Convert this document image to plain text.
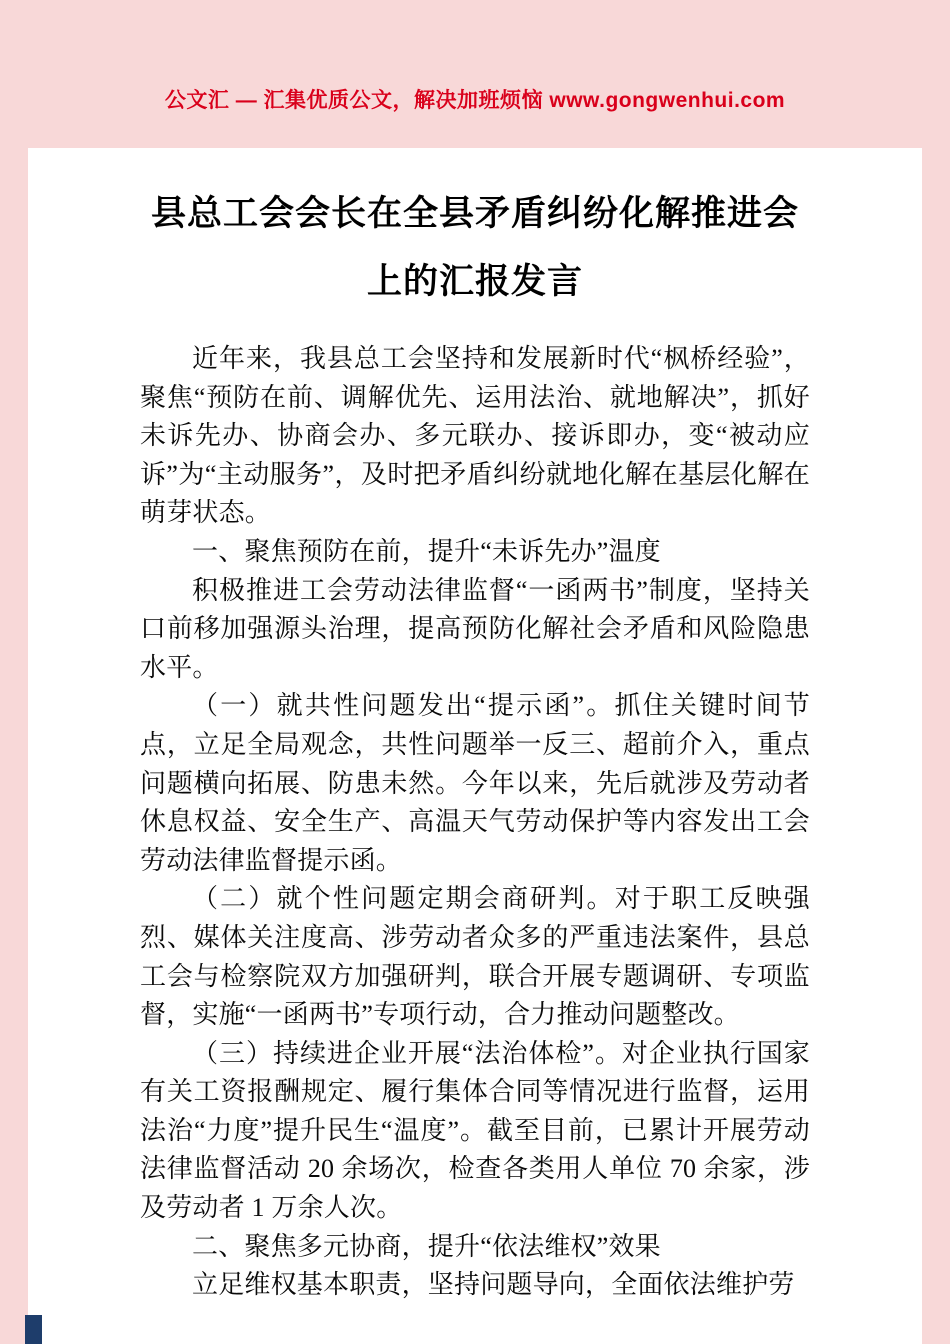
公文汇 — 汇集优质公文，解决加班烦恼 www.gongwenhui.com
县总工会会长在全县矛盾纠纷化解推进会
上的汇报发言

近年来，我县总工会坚持和发展新时代“枫桥经验”，聚焦“预防在前、调解优先、运用法治、就地解决”，抓好未诉先办、协商会办、多元联办、接诉即办，变“被动应诉”为“主动服务”，及时把矛盾纠纷就地化解在基层化解在萌芽状态。

一、聚焦预防在前，提升“未诉先办”温度

积极推进工会劳动法律监督“一函两书”制度，坚持关口前移加强源头治理，提高预防化解社会矛盾和风险隐患水平。

（一）就共性问题发出“提示函”。抓住关键时间节点，立足全局观念，共性问题举一反三、超前介入，重点问题横向拓展、防患未然。今年以来，先后就涉及劳动者休息权益、安全生产、高温天气劳动保护等内容发出工会劳动法律监督提示函。

（二）就个性问题定期会商研判。对于职工反映强烈、媒体关注度高、涉劳动者众多的严重违法案件，县总工会与检察院双方加强研判，联合开展专题调研、专项监督，实施“一函两书”专项行动，合力推动问题整改。

（三）持续进企业开展“法治体检”。对企业执行国家有关工资报酬规定、履行集体合同等情况进行监督，运用法治“力度”提升民生“温度”。截至目前，已累计开展劳动法律监督活动 20 余场次，检查各类用人单位 70 余家，涉及劳动者 1 万余人次。

二、聚焦多元协商，提升“依法维权”效果

立足维权基本职责，坚持问题导向，全面依法维护劳
